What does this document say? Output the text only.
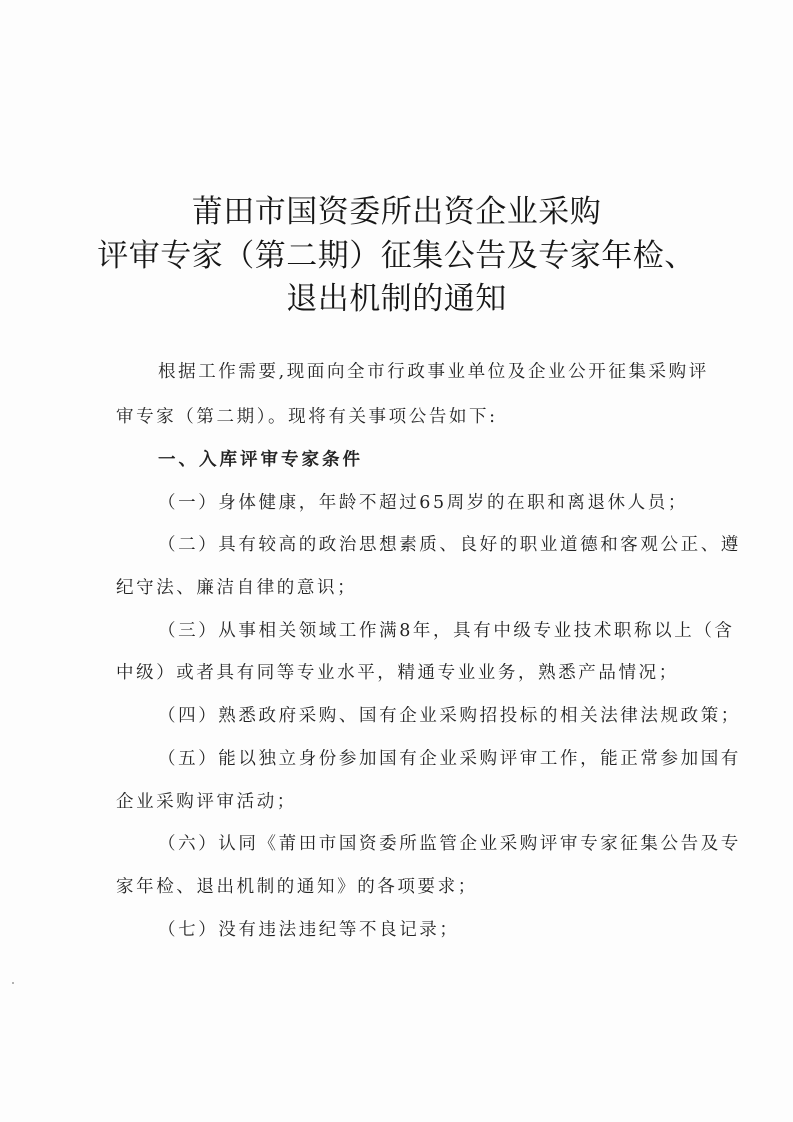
莆田市国资委所出资企业采购
评审专家（第二期）征集公告及专家年检、
退出机制的通知
根据工作需要,现面向全市行政事业单位及企业公开征集采购评
审专家（第二期）。现将有关事项公告如下:
一、入库评审专家条件
（一）身体健康，年龄不超过65周岁的在职和离退休人员；
（二）具有较高的政治思想素质、良好的职业道德和客观公正、遵
纪守法、廉洁自律的意识；
（三）从事相关领域工作满8年，具有中级专业技术职称以上（含
中级）或者具有同等专业水平，精通专业业务，熟悉产品情况；
（四）熟悉政府采购、国有企业采购招投标的相关法律法规政策；
（五）能以独立身份参加国有企业采购评审工作，能正常参加国有
企业采购评审活动；
（六）认同《莆田市国资委所监管企业采购评审专家征集公告及专
家年检、退出机制的通知》的各项要求；
（七）没有违法违纪等不良记录；
